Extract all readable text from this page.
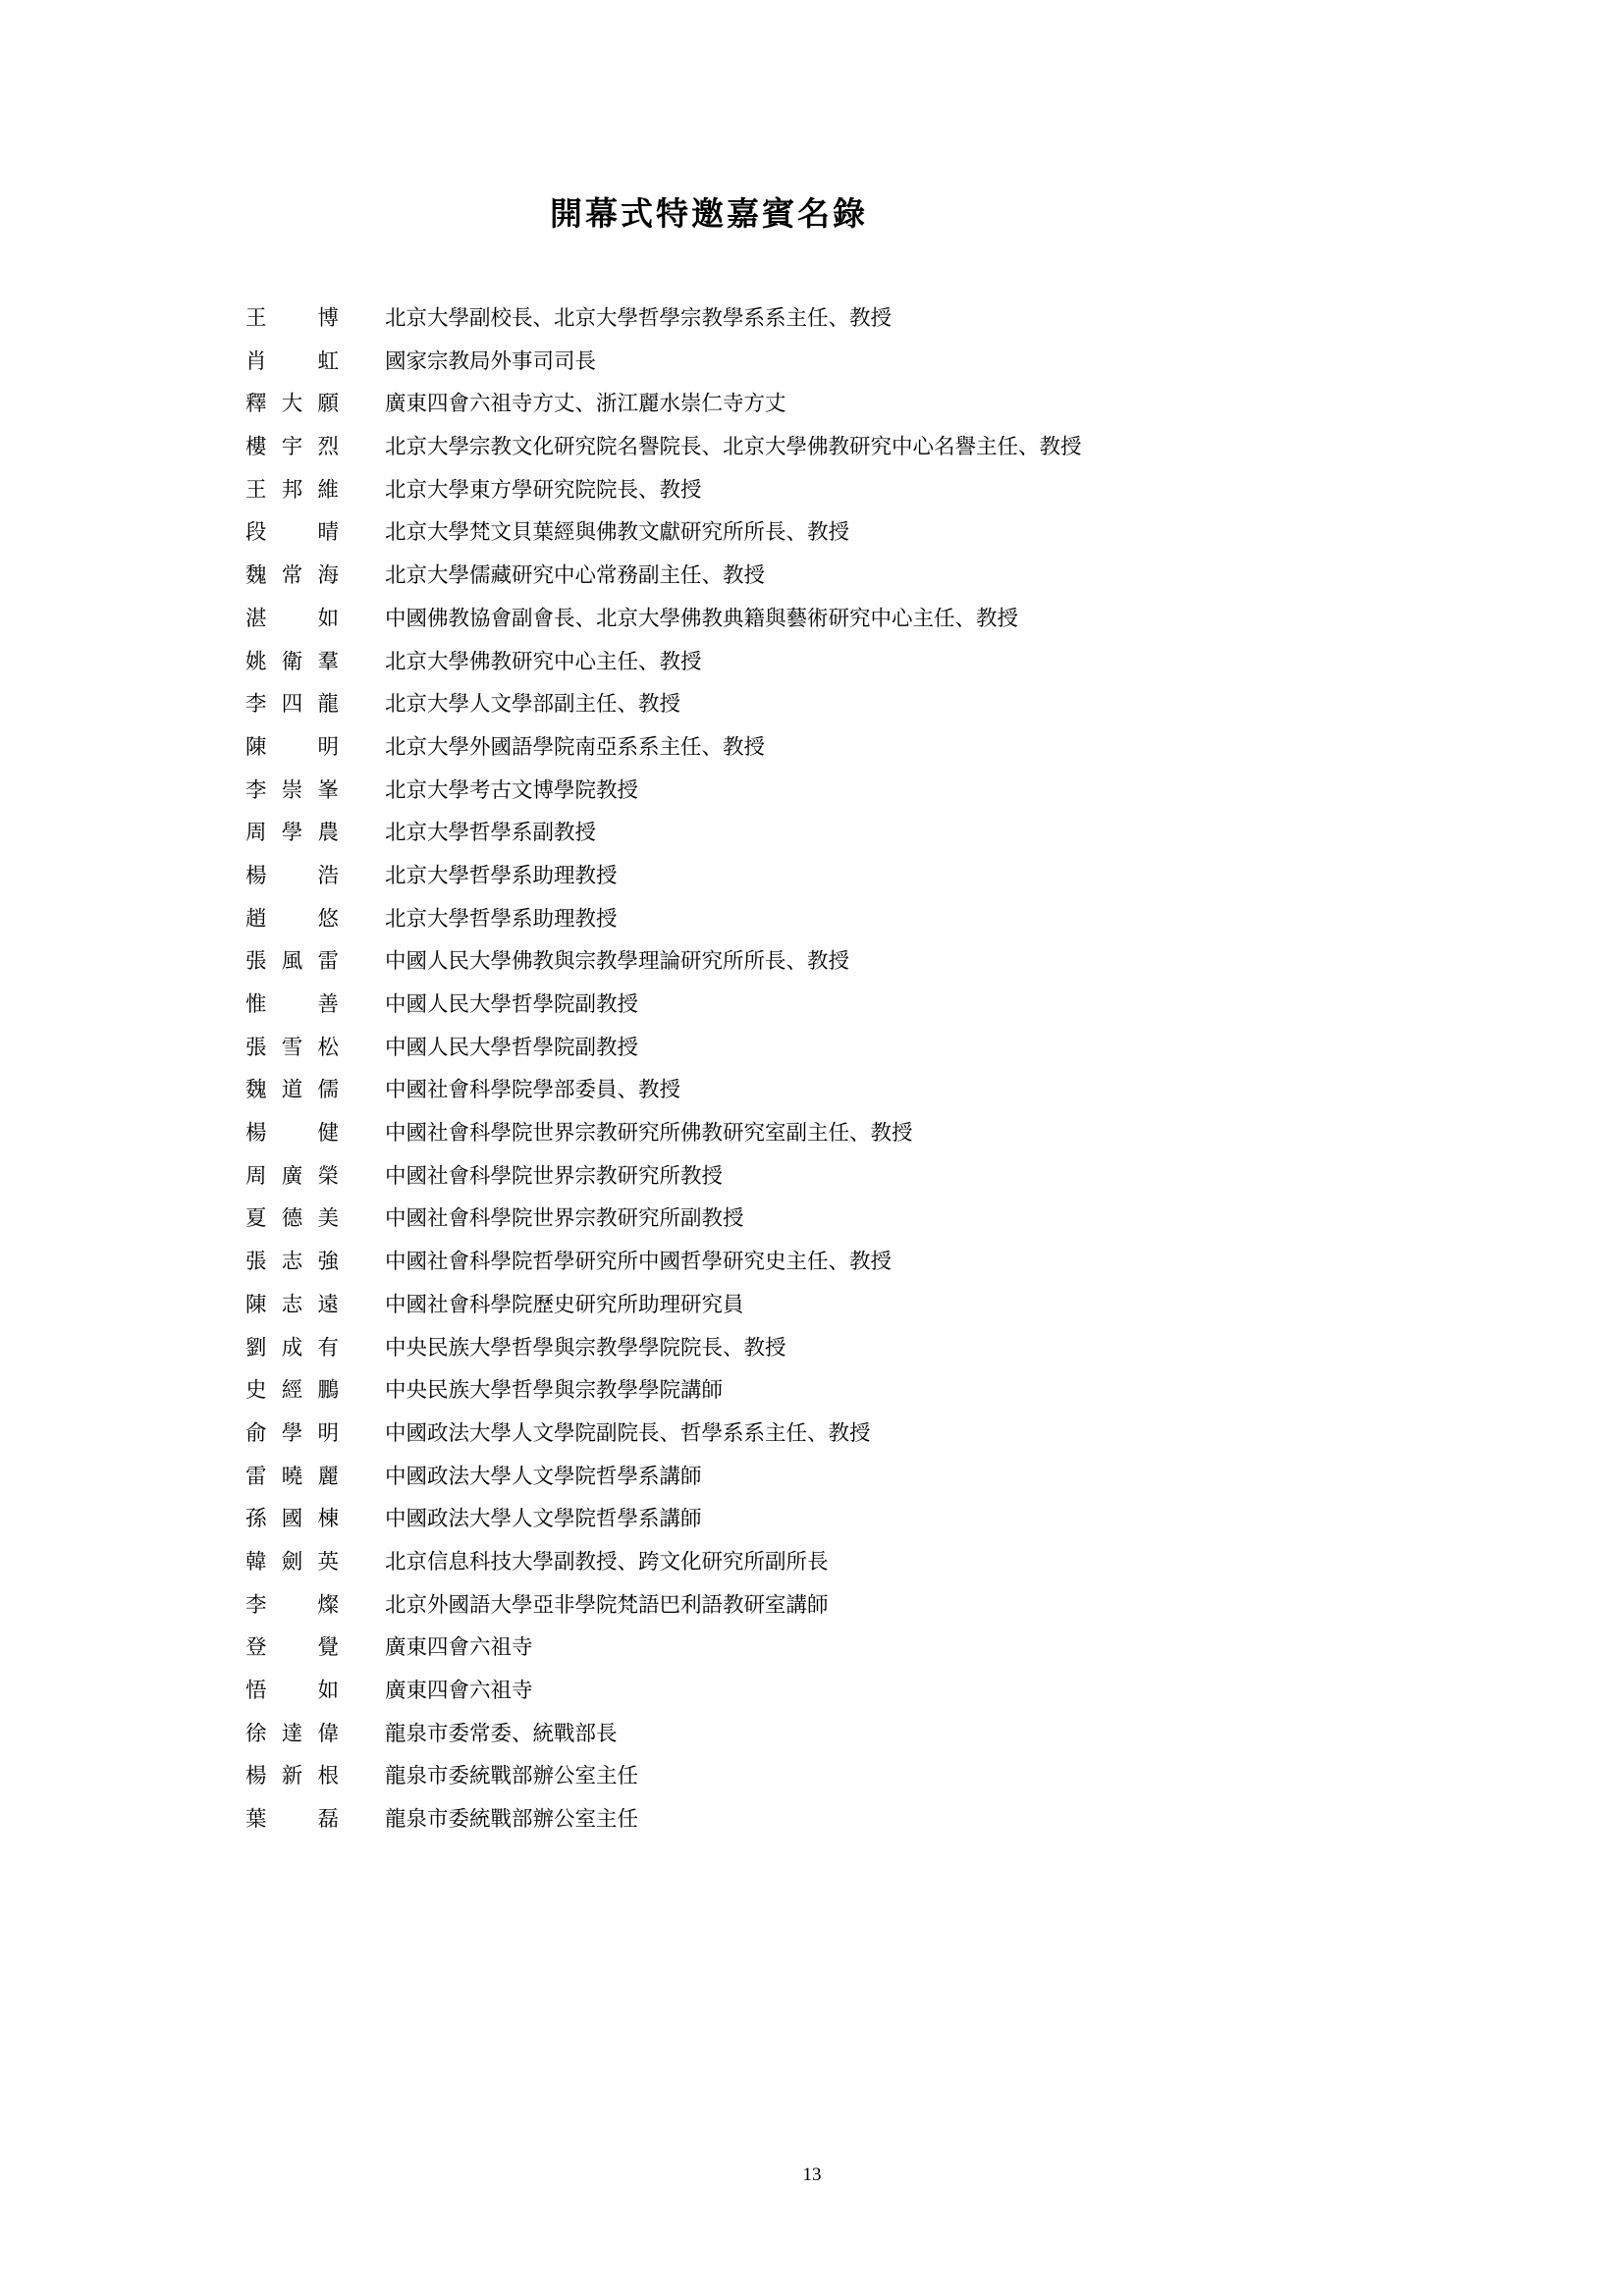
開幕式特邀嘉賓名錄
王 博 北京大學副校長、北京大學哲學宗教學系系主任、教授
肖 虹 國家宗教局外事司司長
釋 大 願 廣東四會六祖寺方丈、浙江麗水崇仁寺方丈
樓 宇 烈 北京大學宗教文化研究院名譽院長、北京大學佛教研究中心名譽主任、教授
王 邦 維 北京大學東方學研究院院長、教授
段 晴 北京大學梵文貝葉經與佛教文獻研究所所長、教授
魏 常 海 北京大學儒藏研究中心常務副主任、教授
湛 如 中國佛教協會副會長、北京大學佛教典籍與藝術研究中心主任、教授
姚 衛 羣 北京大學佛教研究中心主任、教授
李 四 龍 北京大學人文學部副主任、教授
陳 明 北京大學外國語學院南亞系系主任、教授
李 崇 峯 北京大學考古文博學院教授
周 學 農 北京大學哲學系副教授
楊 浩 北京大學哲學系助理教授
趙 悠 北京大學哲學系助理教授
張 風 雷 中國人民大學佛教與宗教學理論研究所所長、教授
惟 善 中國人民大學哲學院副教授
張 雪 松 中國人民大學哲學院副教授
魏 道 儒 中國社會科學院學部委員、教授
楊 健 中國社會科學院世界宗教研究所佛教研究室副主任、教授
周 廣 榮 中國社會科學院世界宗教研究所教授
夏 德 美 中國社會科學院世界宗教研究所副教授
張 志 強 中國社會科學院哲學研究所中國哲學研究史主任、教授
陳 志 遠 中國社會科學院歷史研究所助理研究員
劉 成 有 中央民族大學哲學與宗教學學院院長、教授
史 經 鵬 中央民族大學哲學與宗教學學院講師
俞 學 明 中國政法大學人文學院副院長、哲學系系主任、教授
雷 曉 麗 中國政法大學人文學院哲學系講師
孫 國 棟 中國政法大學人文學院哲學系講師
韓 劍 英 北京信息科技大學副教授、跨文化研究所副所長
李 燦 北京外國語大學亞非學院梵語巴利語教研室講師
登 覺 廣東四會六祖寺
悟 如 廣東四會六祖寺
徐 達 偉 龍泉市委常委、統戰部長
楊 新 根 龍泉市委統戰部辦公室主任
葉 磊 龍泉市委統戰部辦公室主任
13
